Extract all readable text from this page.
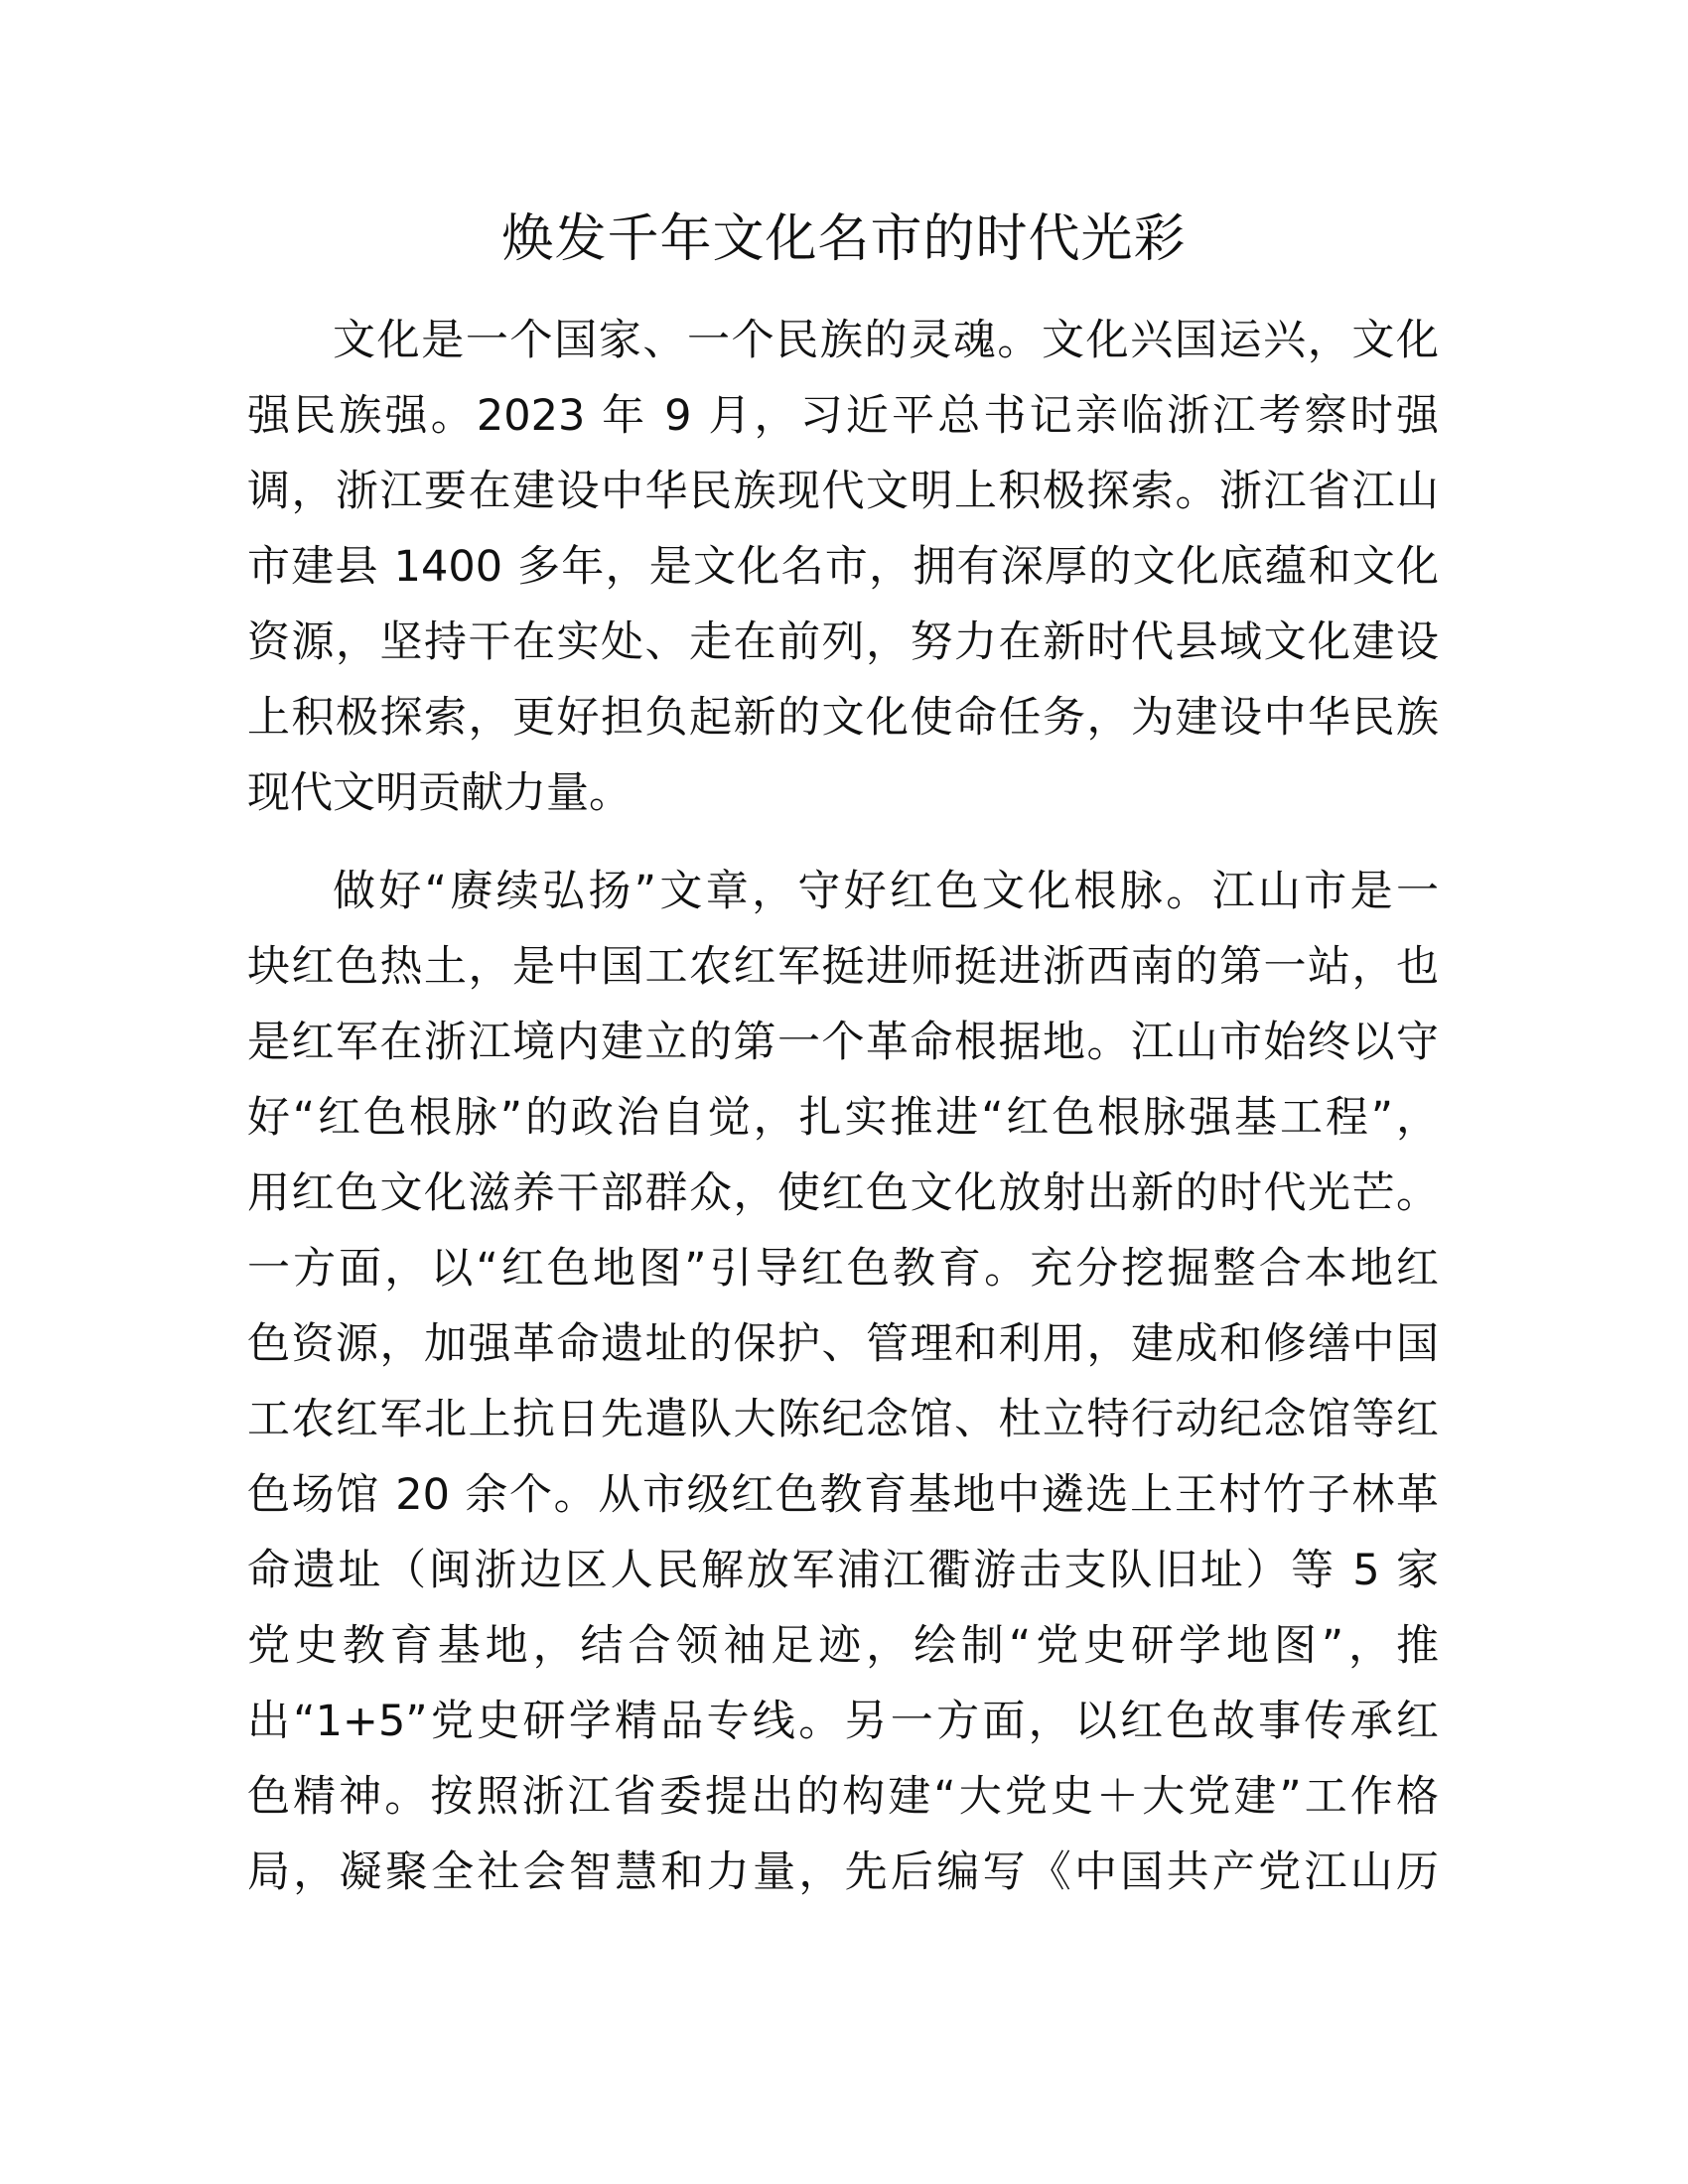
焕发千年文化名市的时代光彩

文化是一个国家、一个民族的灵魂。文化兴国运兴，文化

强民族强。2023 年 9 月，习近平总书记亲临浙江考察时强

调，浙江要在建设中华民族现代文明上积极探索。浙江省江山

市建县 1400 多年，是文化名市，拥有深厚的文化底蕴和文化

资源，坚持干在实处、走在前列，努力在新时代县域文化建设

上积极探索，更好担负起新的文化使命任务，为建设中华民族

现代文明贡献力量。

做好“赓续弘扬”文章，守好红色文化根脉。江山市是一

块红色热土，是中国工农红军挺进师挺进浙西南的第一站，也

是红军在浙江境内建立的第一个革命根据地。江山市始终以守

好“红色根脉”的政治自觉，扎实推进“红色根脉强基工程”，

用红色文化滋养干部群众，使红色文化放射出新的时代光芒。

一方面，以“红色地图”引导红色教育。充分挖掘整合本地红

色资源，加强革命遗址的保护、管理和利用，建成和修缮中国

工农红军北上抗日先遣队大陈纪念馆、杜立特行动纪念馆等红

色场馆 20 余个。从市级红色教育基地中遴选上王村竹子林革

命遗址（闽浙边区人民解放军浦江衢游击支队旧址）等 5 家

党史教育基地，结合领袖足迹，绘制“党史研学地图”，推

出“1+5”党史研学精品专线。另一方面，以红色故事传承红

色精神。按照浙江省委提出的构建“大党史＋大党建”工作格

局，凝聚全社会智慧和力量，先后编写《中国共产党江山历
